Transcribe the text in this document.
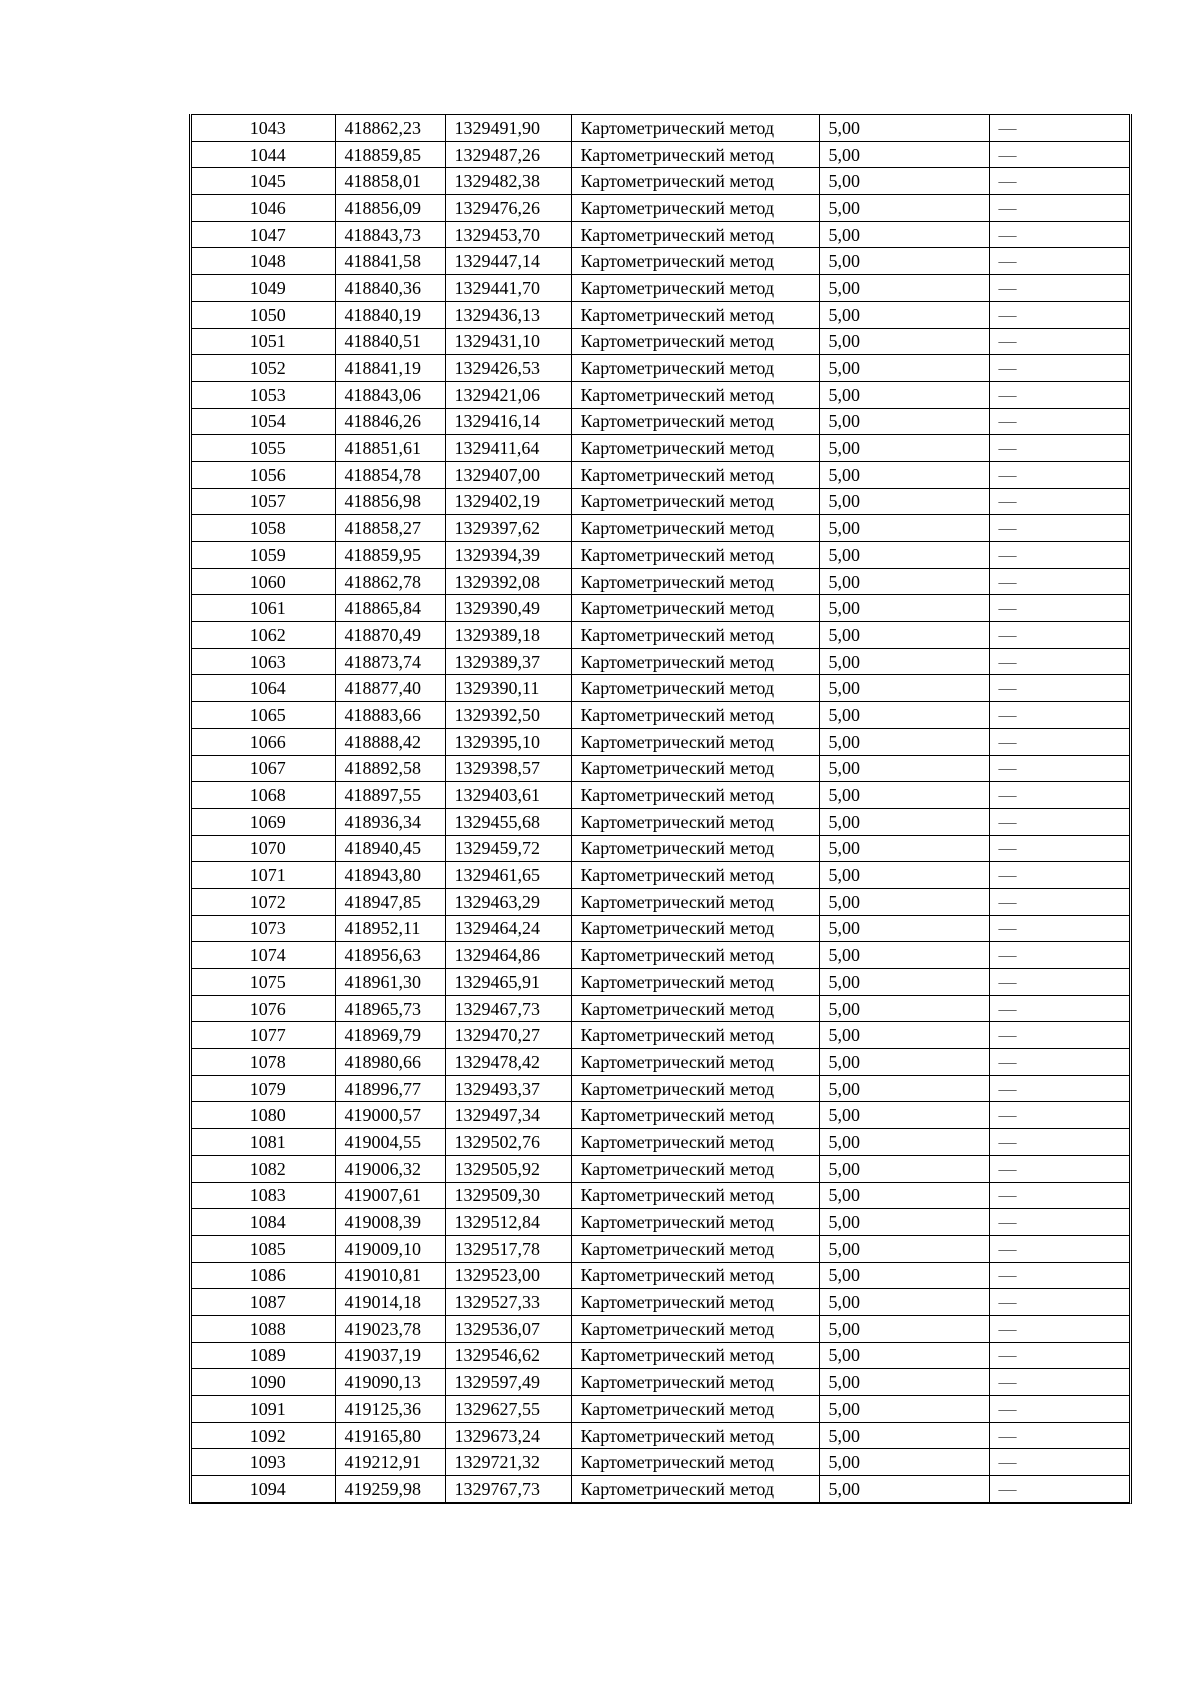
1043	418862,23	1329491,90	Картометрический метод	5,00	—
1044	418859,85	1329487,26	Картометрический метод	5,00	—
1045	418858,01	1329482,38	Картометрический метод	5,00	—
1046	418856,09	1329476,26	Картометрический метод	5,00	—
1047	418843,73	1329453,70	Картометрический метод	5,00	—
1048	418841,58	1329447,14	Картометрический метод	5,00	—
1049	418840,36	1329441,70	Картометрический метод	5,00	—
1050	418840,19	1329436,13	Картометрический метод	5,00	—
1051	418840,51	1329431,10	Картометрический метод	5,00	—
1052	418841,19	1329426,53	Картометрический метод	5,00	—
1053	418843,06	1329421,06	Картометрический метод	5,00	—
1054	418846,26	1329416,14	Картометрический метод	5,00	—
1055	418851,61	1329411,64	Картометрический метод	5,00	—
1056	418854,78	1329407,00	Картометрический метод	5,00	—
1057	418856,98	1329402,19	Картометрический метод	5,00	—
1058	418858,27	1329397,62	Картометрический метод	5,00	—
1059	418859,95	1329394,39	Картометрический метод	5,00	—
1060	418862,78	1329392,08	Картометрический метод	5,00	—
1061	418865,84	1329390,49	Картометрический метод	5,00	—
1062	418870,49	1329389,18	Картометрический метод	5,00	—
1063	418873,74	1329389,37	Картометрический метод	5,00	—
1064	418877,40	1329390,11	Картометрический метод	5,00	—
1065	418883,66	1329392,50	Картометрический метод	5,00	—
1066	418888,42	1329395,10	Картометрический метод	5,00	—
1067	418892,58	1329398,57	Картометрический метод	5,00	—
1068	418897,55	1329403,61	Картометрический метод	5,00	—
1069	418936,34	1329455,68	Картометрический метод	5,00	—
1070	418940,45	1329459,72	Картометрический метод	5,00	—
1071	418943,80	1329461,65	Картометрический метод	5,00	—
1072	418947,85	1329463,29	Картометрический метод	5,00	—
1073	418952,11	1329464,24	Картометрический метод	5,00	—
1074	418956,63	1329464,86	Картометрический метод	5,00	—
1075	418961,30	1329465,91	Картометрический метод	5,00	—
1076	418965,73	1329467,73	Картометрический метод	5,00	—
1077	418969,79	1329470,27	Картометрический метод	5,00	—
1078	418980,66	1329478,42	Картометрический метод	5,00	—
1079	418996,77	1329493,37	Картометрический метод	5,00	—
1080	419000,57	1329497,34	Картометрический метод	5,00	—
1081	419004,55	1329502,76	Картометрический метод	5,00	—
1082	419006,32	1329505,92	Картометрический метод	5,00	—
1083	419007,61	1329509,30	Картометрический метод	5,00	—
1084	419008,39	1329512,84	Картометрический метод	5,00	—
1085	419009,10	1329517,78	Картометрический метод	5,00	—
1086	419010,81	1329523,00	Картометрический метод	5,00	—
1087	419014,18	1329527,33	Картометрический метод	5,00	—
1088	419023,78	1329536,07	Картометрический метод	5,00	—
1089	419037,19	1329546,62	Картометрический метод	5,00	—
1090	419090,13	1329597,49	Картометрический метод	5,00	—
1091	419125,36	1329627,55	Картометрический метод	5,00	—
1092	419165,80	1329673,24	Картометрический метод	5,00	—
1093	419212,91	1329721,32	Картометрический метод	5,00	—
1094	419259,98	1329767,73	Картометрический метод	5,00	—
